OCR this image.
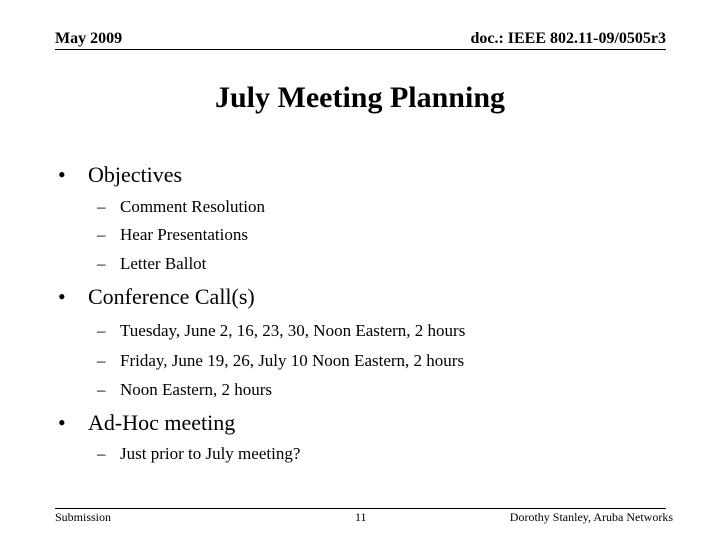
May 2009	doc.: IEEE 802.11-09/0505r3
July Meeting Planning
• Objectives
– Comment Resolution
– Hear Presentations
– Letter Ballot
• Conference Call(s)
– Tuesday, June 2, 16, 23, 30, Noon Eastern, 2 hours
– Friday, June 19, 26, July 10 Noon Eastern, 2 hours
– Noon Eastern, 2 hours
• Ad-Hoc meeting
– Just prior to July meeting?
Submission	11	Dorothy Stanley, Aruba Networks
